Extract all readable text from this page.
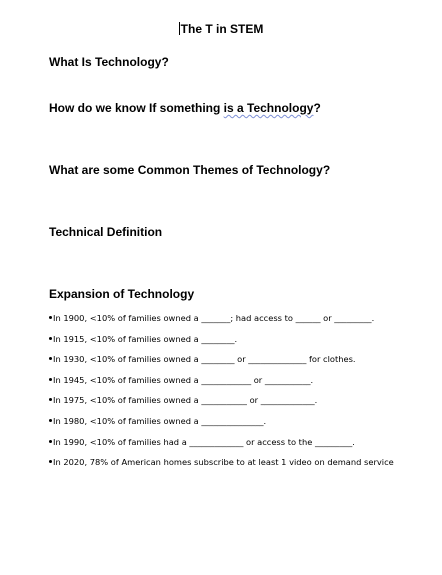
The T in STEM
What Is Technology?
How do we know If something is a Technology?
What are some Common Themes of Technology?
Technical Definition
Expansion of Technology
In 1900, <10% of families owned a _______; had access to ______ or _________.
In 1915, <10% of families owned a ________.
In 1930, <10% of families owned a ________ or ______________ for clothes.
In 1945, <10% of families owned a ____________ or ___________.
In 1975, <10% of families owned a ___________ or _____________.
In 1980, <10% of families owned a _______________.
In 1990, <10% of families had a _____________ or access to the _________.
In 2020, 78% of American homes subscribe to at least 1 video on demand service
